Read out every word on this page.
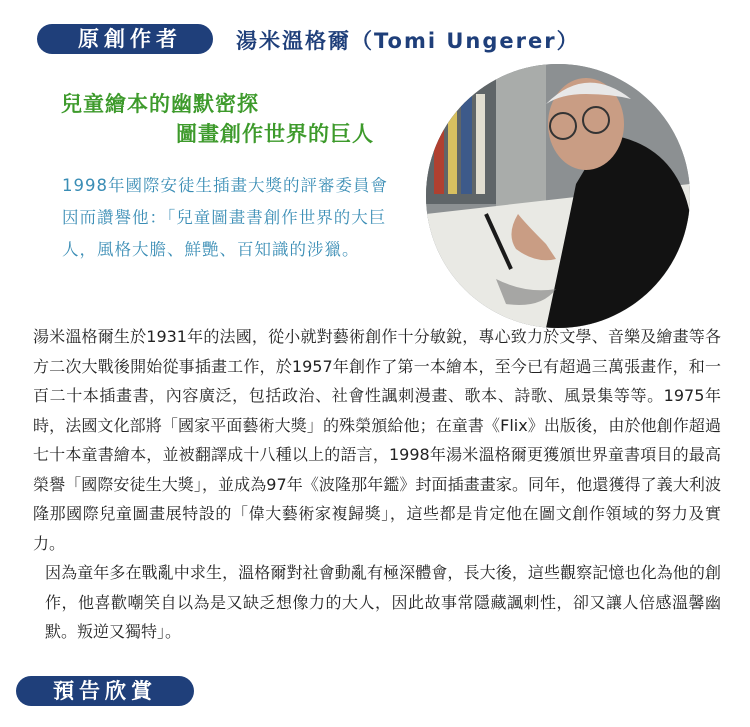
原創作者	湯米溫格爾（Tomi Ungerer）
兒童繪本的幽默密探
圖畫創作世界的巨人
1998年國際安徒生插畫大獎的評審委員會因而讚譽他：「兒童圖畫書創作世界的大巨人，風格大膽、鮮艷、百知識的涉獵。

湯米溫格爾生於1931年的法國，從小就對藝術創作十分敏銳，專心致力於文學、音樂及繪畫等各方二次大戰後開始從事插畫工作，於1957年創作了第一本繪本，至今已有超過三萬張畫作，和一百二十本插畫書，內容廣泛，包括政治、社會性諷刺漫畫、歌本、詩歌、風景集等等。1975年時，法國文化部將「國家平面藝術大獎」的殊榮頒給他；在童書《Flix》出版後，由於他創作超過七十本童書繪本，並被翻譯成十八種以上的語言，1998年湯米溫格爾更獲頒世界童書項目的最高榮譽「國際安徒生大獎」，並成為97年《波隆那年鑑》封面插畫畫家。同年，他還獲得了義大利波隆那國際兒童圖畫展特設的「偉大藝術家複歸獎」，這些都是肯定他在圖文創作領域的努力及實力。

因為童年多在戰亂中求生，溫格爾對社會動亂有極深體會，長大後，這些觀察記憶也化為他的創作，他喜歡嘲笑自以為是又缺乏想像力的大人，因此故事常隱藏諷刺性，卻又讓人倍感溫馨幽默。叛逆又獨特」。

預告欣賞
